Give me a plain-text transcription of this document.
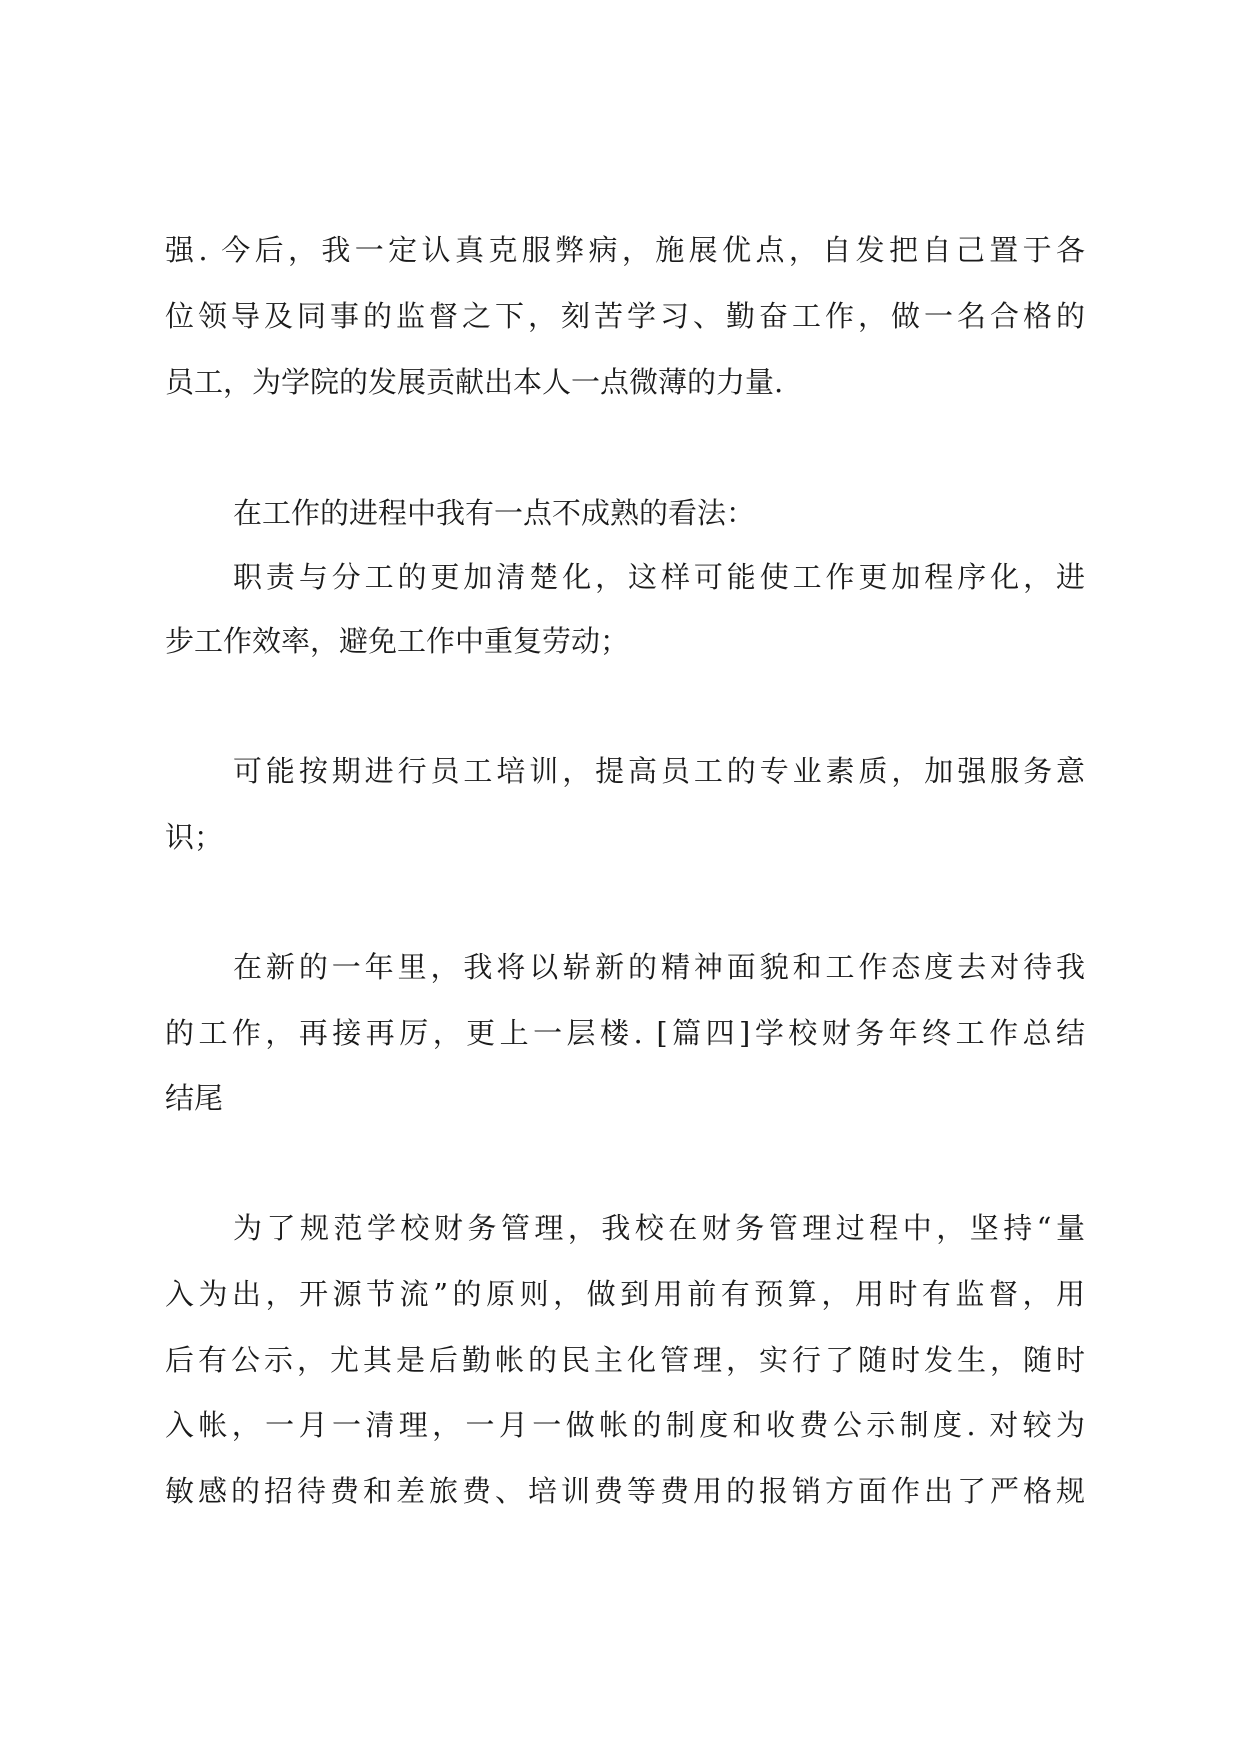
强. 今后，我一定认真克服弊病，施展优点，自发把自己置于各
位领导及同事的监督之下，刻苦学习、勤奋工作，做一名合格的
员工，为学院的发展贡献出本人一点微薄的力量.
在工作的进程中我有一点不成熟的看法：
职责与分工的更加清楚化，这样可能使工作更加程序化，进
步工作效率，避免工作中重复劳动；
可能按期进行员工培训，提高员工的专业素质，加强服务意
识；
在新的一年里，我将以崭新的精神面貌和工作态度去对待我
的工作，再接再厉，更上一层楼. [篇四]学校财务年终工作总结
结尾
为了规范学校财务管理，我校在财务管理过程中，坚持“量
入为出，开源节流”的原则，做到用前有预算，用时有监督，用
后有公示，尤其是后勤帐的民主化管理，实行了随时发生，随时
入帐，一月一清理，一月一做帐的制度和收费公示制度. 对较为
敏感的招待费和差旅费、培训费等费用的报销方面作出了严格规
